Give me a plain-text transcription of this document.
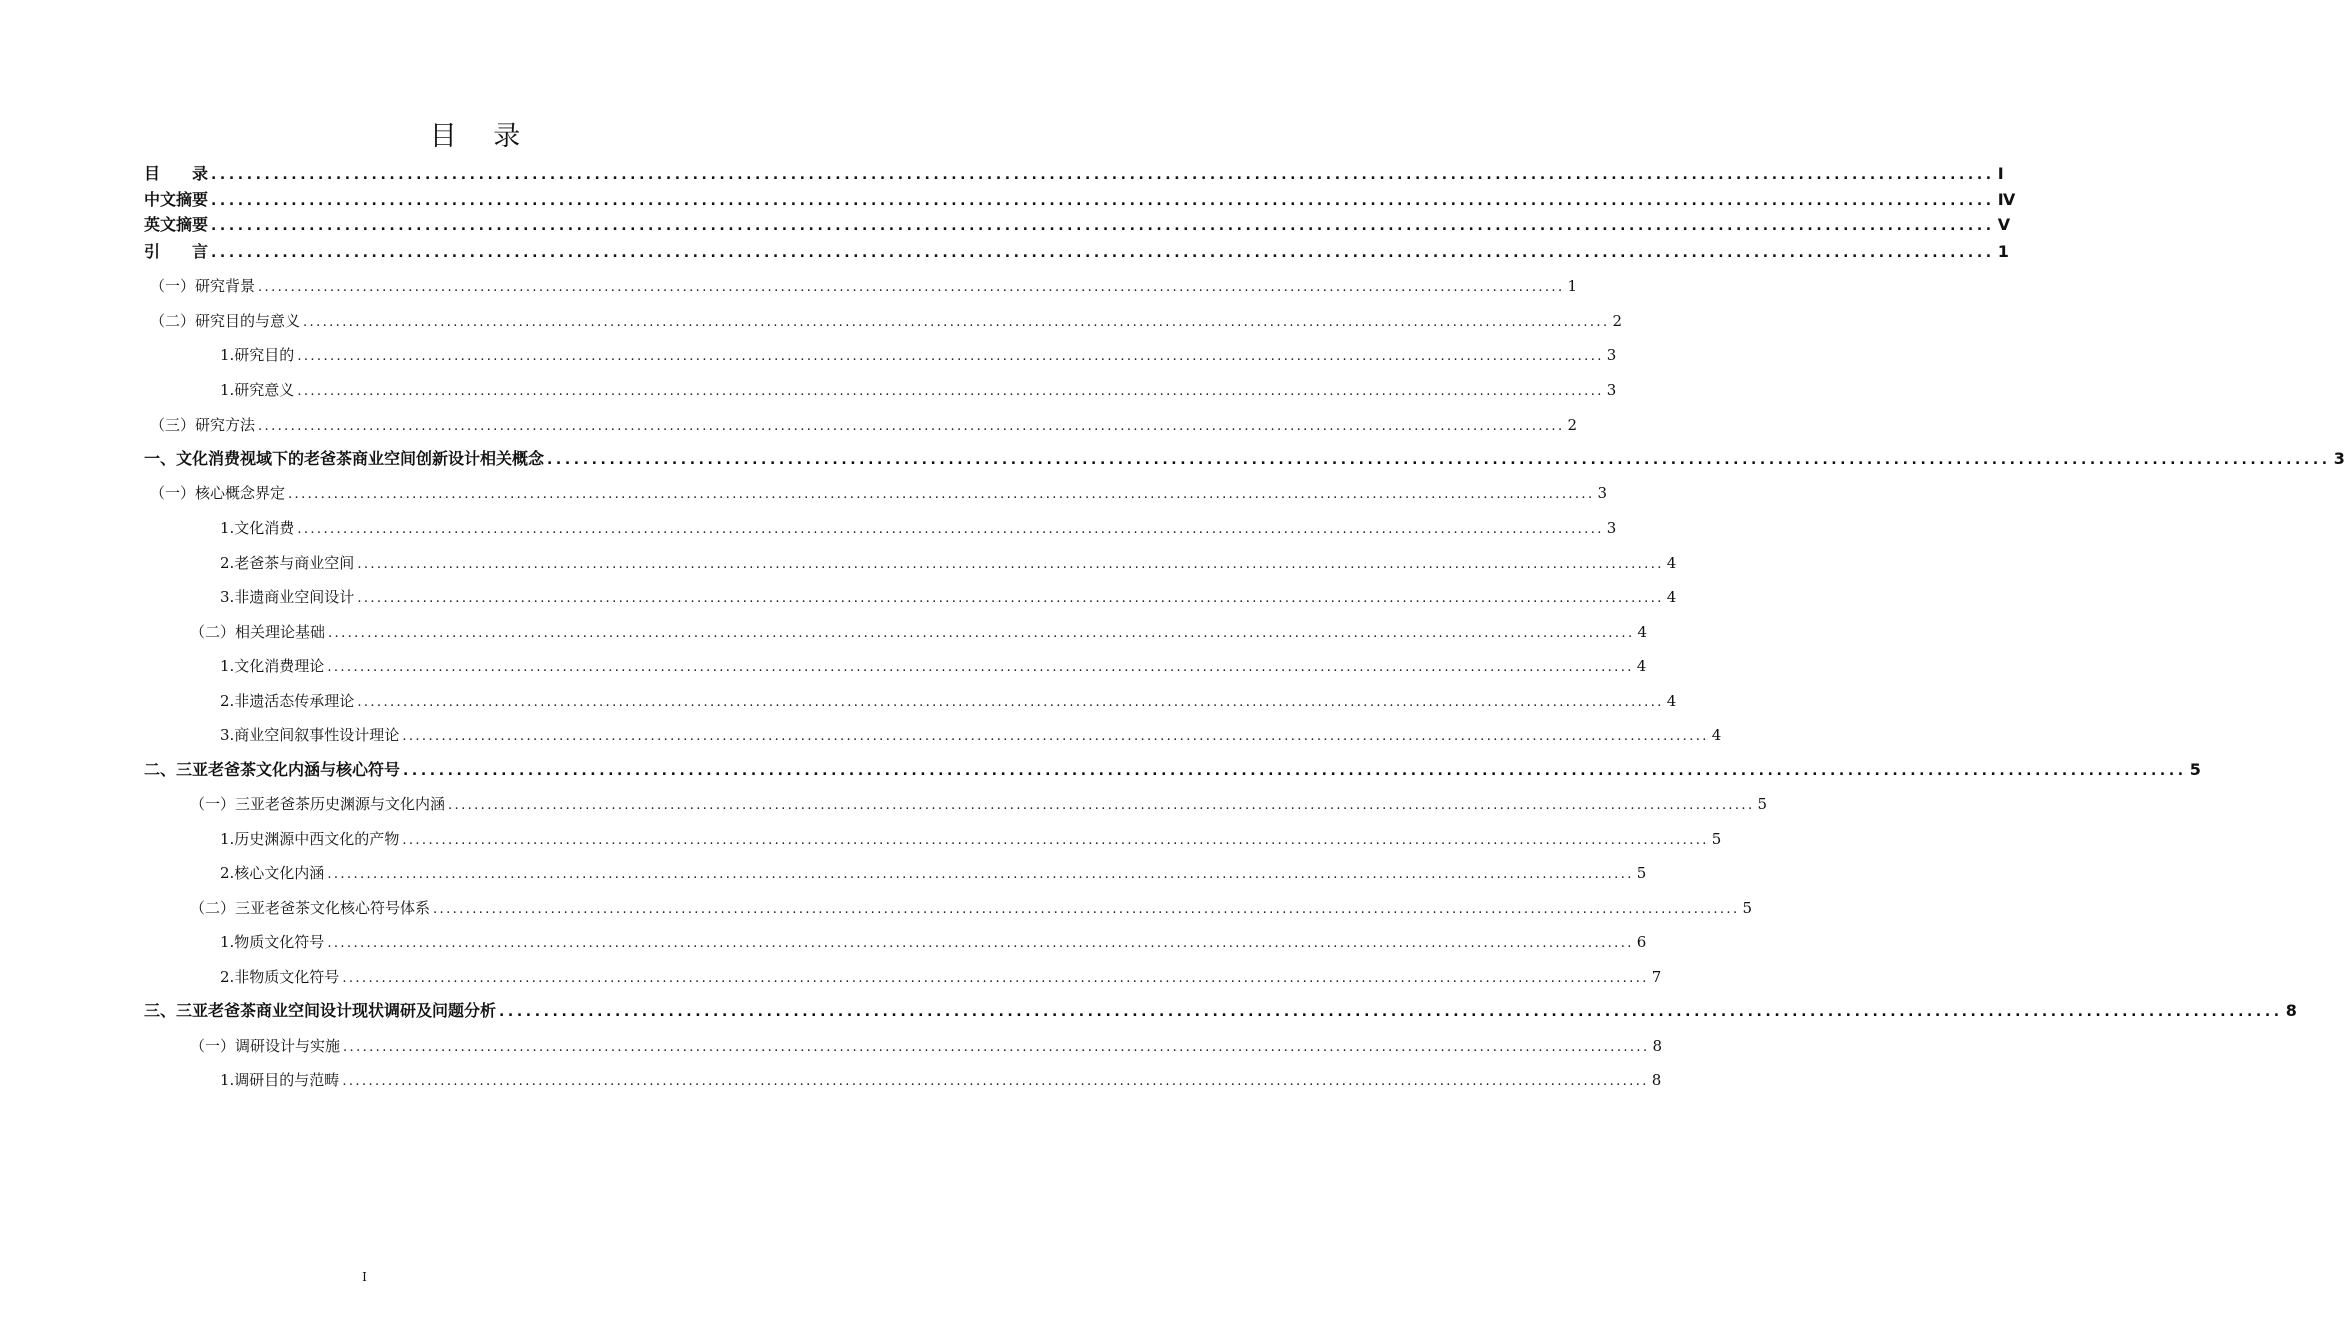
目 录
目　　录 ........................................................................................................................................................................................................ Ⅰ
中文摘要 ........................................................................................................................................................................................................ Ⅳ
英文摘要 ........................................................................................................................................................................................................ Ⅴ
引　　言 ........................................................................................................................................................................................................ 1
（一）研究背景 ........................................................................................................................................................................................................ 1
（二）研究目的与意义 ........................................................................................................................................................................................................ 2
1.研究目的 ........................................................................................................................................................................................................ 3
1.研究意义 ........................................................................................................................................................................................................ 3
（三）研究方法 ........................................................................................................................................................................................................ 2
一、文化消费视域下的老爸茶商业空间创新设计相关概念 ........................................................................................................................................................................................................ 3
（一）核心概念界定 ........................................................................................................................................................................................................ 3
1.文化消费 ........................................................................................................................................................................................................ 3
2.老爸茶与商业空间 ........................................................................................................................................................................................................ 4
3.非遗商业空间设计 ........................................................................................................................................................................................................ 4
（二）相关理论基础 ........................................................................................................................................................................................................ 4
1.文化消费理论 ........................................................................................................................................................................................................ 4
2.非遗活态传承理论 ........................................................................................................................................................................................................ 4
3.商业空间叙事性设计理论 ........................................................................................................................................................................................................ 4
二、三亚老爸茶文化内涵与核心符号 ........................................................................................................................................................................................................ 5
（一）三亚老爸茶历史渊源与文化内涵 ........................................................................................................................................................................................................ 5
1.历史渊源中西文化的产物 ........................................................................................................................................................................................................ 5
2.核心文化内涵 ........................................................................................................................................................................................................ 5
（二）三亚老爸茶文化核心符号体系 ........................................................................................................................................................................................................ 5
1.物质文化符号 ........................................................................................................................................................................................................ 6
2.非物质文化符号 ........................................................................................................................................................................................................ 7
三、三亚老爸茶商业空间设计现状调研及问题分析 ........................................................................................................................................................................................................ 8
（一）调研设计与实施 ........................................................................................................................................................................................................ 8
1.调研目的与范畴 ........................................................................................................................................................................................................ 8
I
